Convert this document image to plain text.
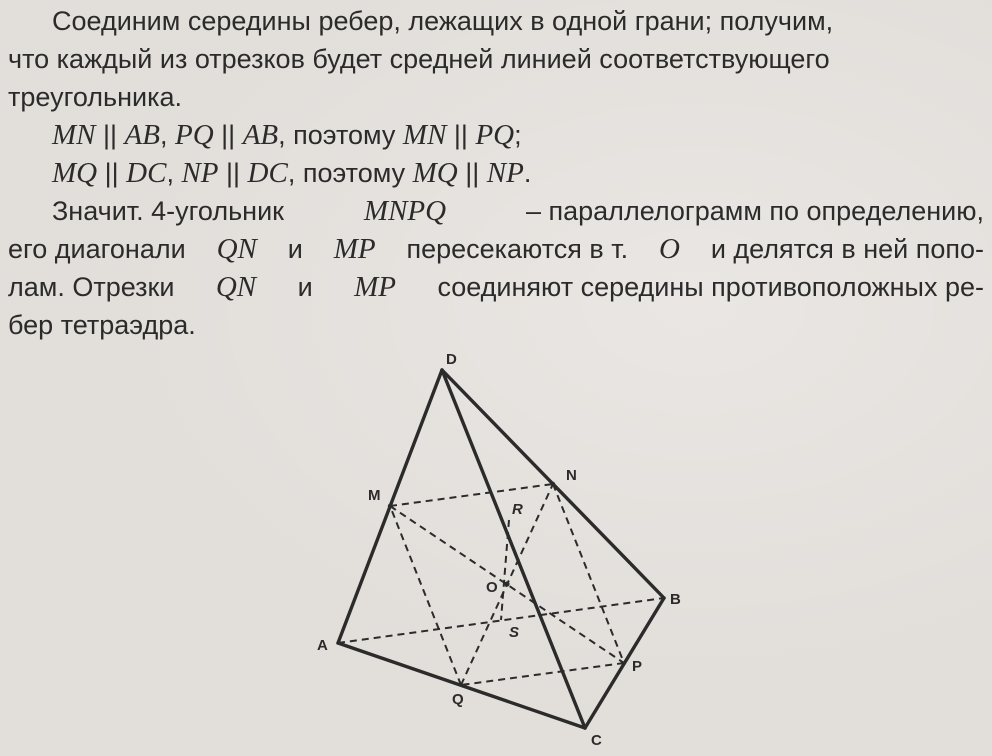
Соединим середины ребер, лежащих в одной грани; получим,
что каждый из отрезков будет средней линией соответствующего
треугольника.
MN || AB, PQ || AB, поэтому MN || PQ;
MQ || DC, NP || DC, поэтому MQ || NP.
Значит. 4-угольник	MNPQ	– параллелограмм по определению,
его диагонали QN и MP пересекаются в т. O и делятся в ней попо-
лам. Отрезки QN и MP соединяют середины противоположных ре-
бер тетраэдра.
D
M
N
R
O
S
A
B
P
Q
C
